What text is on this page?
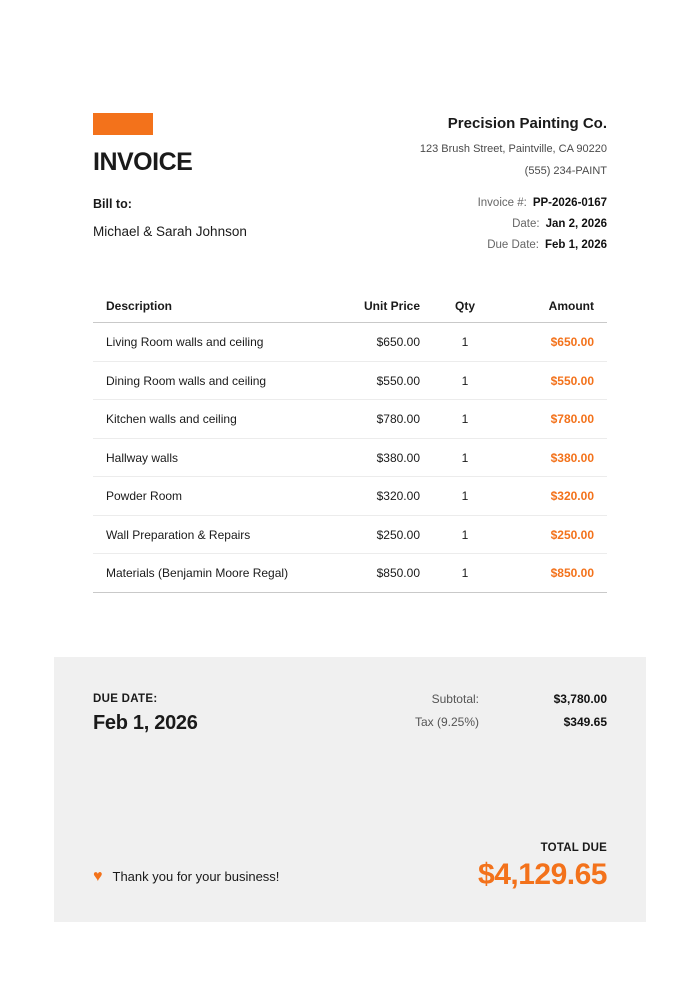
INVOICE
Precision Painting Co.
123 Brush Street, Paintville, CA 90220
(555) 234-PAINT
Bill to:
Michael & Sarah Johnson
Invoice #: PP-2026-0167
Date: Jan 2, 2026
Due Date: Feb 1, 2026
Description	Unit Price	Qty	Amount
Living Room walls and ceiling	$650.00	1	$650.00
Dining Room walls and ceiling	$550.00	1	$550.00
Kitchen walls and ceiling	$780.00	1	$780.00
Hallway walls	$380.00	1	$380.00
Powder Room	$320.00	1	$320.00
Wall Preparation & Repairs	$250.00	1	$250.00
Materials (Benjamin Moore Regal)	$850.00	1	$850.00
DUE DATE:
Feb 1, 2026
Subtotal:	$3,780.00
Tax (9.25%)	$349.65
♥ Thank you for your business!
TOTAL DUE
$4,129.65
